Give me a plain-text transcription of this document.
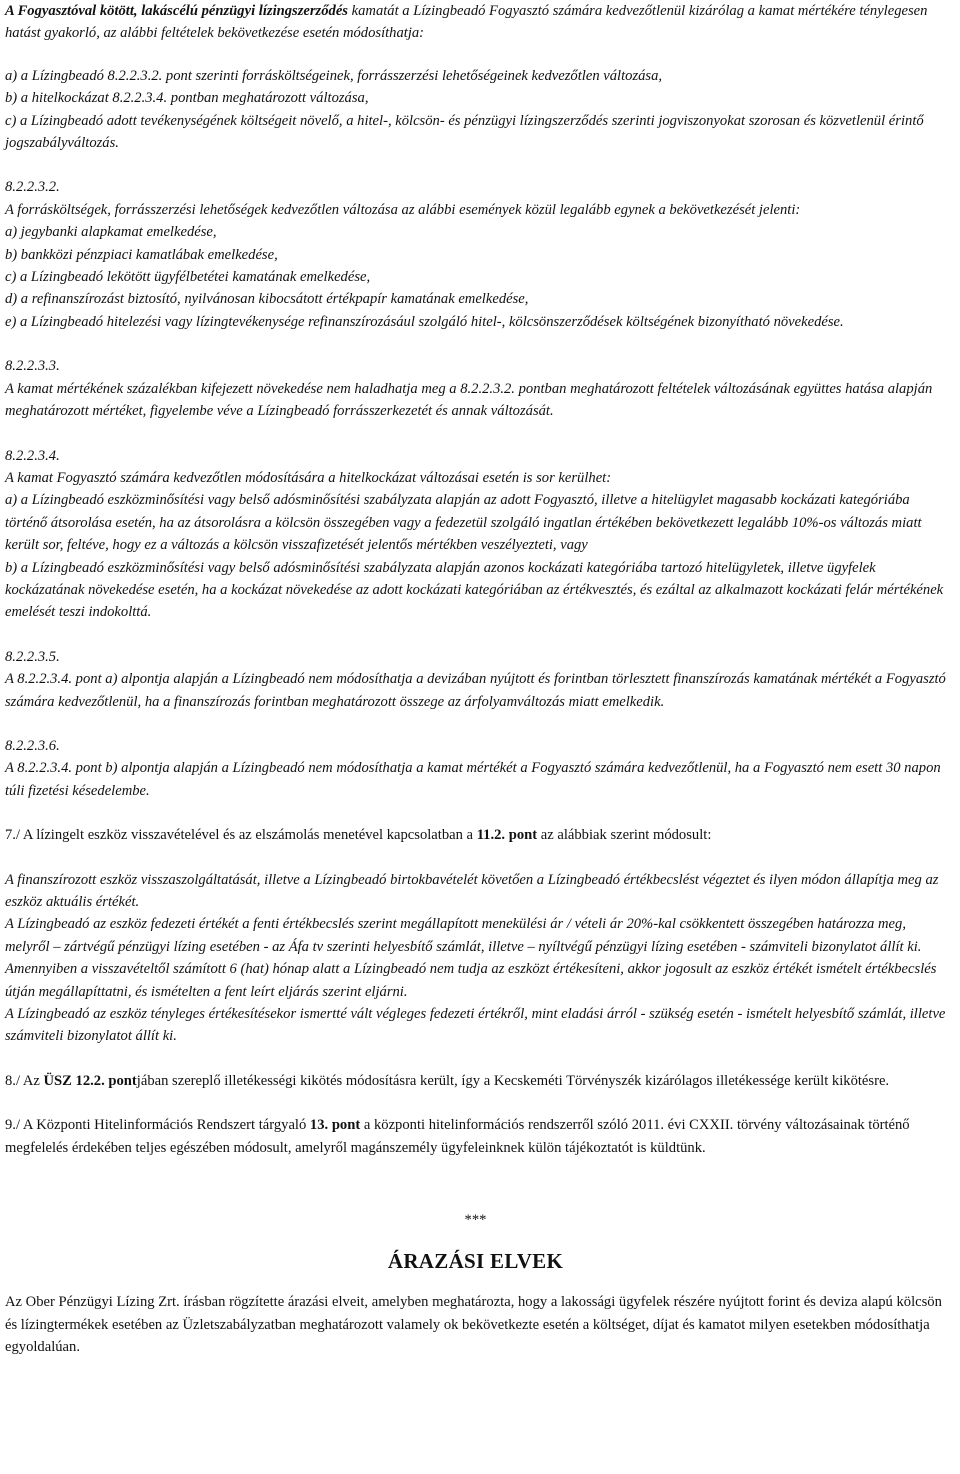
A Fogyasztóval kötött, lakáscélú pénzügyi lízingszerződés kamatát a Lízingbeadó Fogyasztó számára kedvezőtlenül kizárólag a kamat mértékére ténylegesen hatást gyakorló, az alábbi feltételek bekövetkezése esetén módosíthatja:

a) a Lízingbeadó 8.2.2.3.2. pont szerinti forrásköltségeinek, forrásszerzési lehetőségeinek kedvezőtlen változása,

b) a hitelkockázat 8.2.2.3.4. pontban meghatározott változása,

c) a Lízingbeadó adott tevékenységének költségeit növelő, a hitel-, kölcsön- és pénzügyi lízingszerződés szerinti jogviszonyokat szorosan és közvetlenül érintő jogszabályváltozás.

8.2.2.3.2.

A forrásköltségek, forrásszerzési lehetőségek kedvezőtlen változása az alábbi események közül legalább egynek a bekövetkezését jelenti:

a) jegybanki alapkamat emelkedése,

b) bankközi pénzpiaci kamatlábak emelkedése,

c) a Lízingbeadó lekötött ügyfélbetétei kamatának emelkedése,

d) a refinanszírozást biztosító, nyilvánosan kibocsátott értékpapír kamatának emelkedése,

e) a Lízingbeadó hitelezési vagy lízingtevékenysége refinanszírozásául szolgáló hitel-, kölcsönszerződések költségének bizonyítható növekedése.

8.2.2.3.3.

A kamat mértékének százalékban kifejezett növekedése nem haladhatja meg a 8.2.2.3.2. pontban meghatározott feltételek változásának együttes hatása alapján meghatározott mértéket, figyelembe véve a Lízingbeadó forrásszerkezetét és annak változását.

8.2.2.3.4.

A kamat Fogyasztó számára kedvezőtlen módosítására a hitelkockázat változásai esetén is sor kerülhet:

a) a Lízingbeadó eszközminősítési vagy belső adósminősítési szabályzata alapján az adott Fogyasztó, illetve a hitelügylet magasabb kockázati kategóriába történő átsorolása esetén, ha az átsorolásra a kölcsön összegében vagy a fedezetül szolgáló ingatlan értékében bekövetkezett legalább 10%-os változás miatt került sor, feltéve, hogy ez a változás a kölcsön visszafizetését jelentős mértékben veszélyezteti, vagy

b) a Lízingbeadó eszközminősítési vagy belső adósminősítési szabályzata alapján azonos kockázati kategóriába tartozó hitelügyletek, illetve ügyfelek kockázatának növekedése esetén, ha a kockázat növekedése az adott kockázati kategóriában az értékvesztés, és ezáltal az alkalmazott kockázati felár mértékének emelését teszi indokolttá.

8.2.2.3.5.

A 8.2.2.3.4. pont a) alpontja alapján a Lízingbeadó nem módosíthatja a devizában nyújtott és forintban törlesztett finanszírozás kamatának mértékét a Fogyasztó számára kedvezőtlenül, ha a finanszírozás forintban meghatározott összege az árfolyamváltozás miatt emelkedik.

8.2.2.3.6.

A 8.2.2.3.4. pont b) alpontja alapján a Lízingbeadó nem módosíthatja a kamat mértékét a Fogyasztó számára kedvezőtlenül, ha a Fogyasztó nem esett 30 napon túli fizetési késedelembe.

7./ A lízingelt eszköz visszavételével és az elszámolás menetével kapcsolatban a 11.2. pont az alábbiak szerint módosult:

A finanszírozott eszköz visszaszolgáltatását, illetve a Lízingbeadó birtokbavételét követően a Lízingbeadó értékbecslést végeztet és ilyen módon állapítja meg az eszköz aktuális értékét.

A Lízingbeadó az eszköz fedezeti értékét a fenti értékbecslés szerint megállapított menekülési ár / vételi ár 20%-kal csökkentett összegében határozza meg, melyről – zártvégű pénzügyi lízing esetében - az Áfa tv szerinti helyesbítő számlát, illetve – nyíltvégű pénzügyi lízing esetében - számviteli bizonylatot állít ki.

Amennyiben a visszavételtől számított 6 (hat) hónap alatt a Lízingbeadó nem tudja az eszközt értékesíteni, akkor jogosult az eszköz értékét ismételt értékbecslés útján megállapíttatni, és ismételten a fent leírt eljárás szerint eljárni.

A Lízingbeadó az eszköz tényleges értékesítésekor ismertté vált végleges fedezeti értékről, mint eladási árról - szükség esetén - ismételt helyesbítő számlát, illetve számviteli bizonylatot állít ki.

8./ Az ÜSZ 12.2. pontjában szereplő illetékességi kikötés módosításra került, így a Kecskeméti Törvényszék kizárólagos illetékessége került kikötésre.

9./ A Központi Hitelinformációs Rendszert tárgyaló 13. pont a központi hitelinformációs rendszerről szóló 2011. évi CXXII. törvény változásainak történő megfelelés érdekében teljes egészében módosult, amelyről magánszemély ügyfeleinknek külön tájékoztatót is küldtünk.

***

ÁRAZÁSI ELVEK

Az Ober Pénzügyi Lízing Zrt. írásban rögzítette árazási elveit, amelyben meghatározta, hogy a lakossági ügyfelek részére nyújtott forint és deviza alapú kölcsön és lízingtermékek esetében az Üzletszabályzatban meghatározott valamely ok bekövetkezte esetén a költséget, díjat és kamatot milyen esetekben módosíthatja egyoldalúan.
